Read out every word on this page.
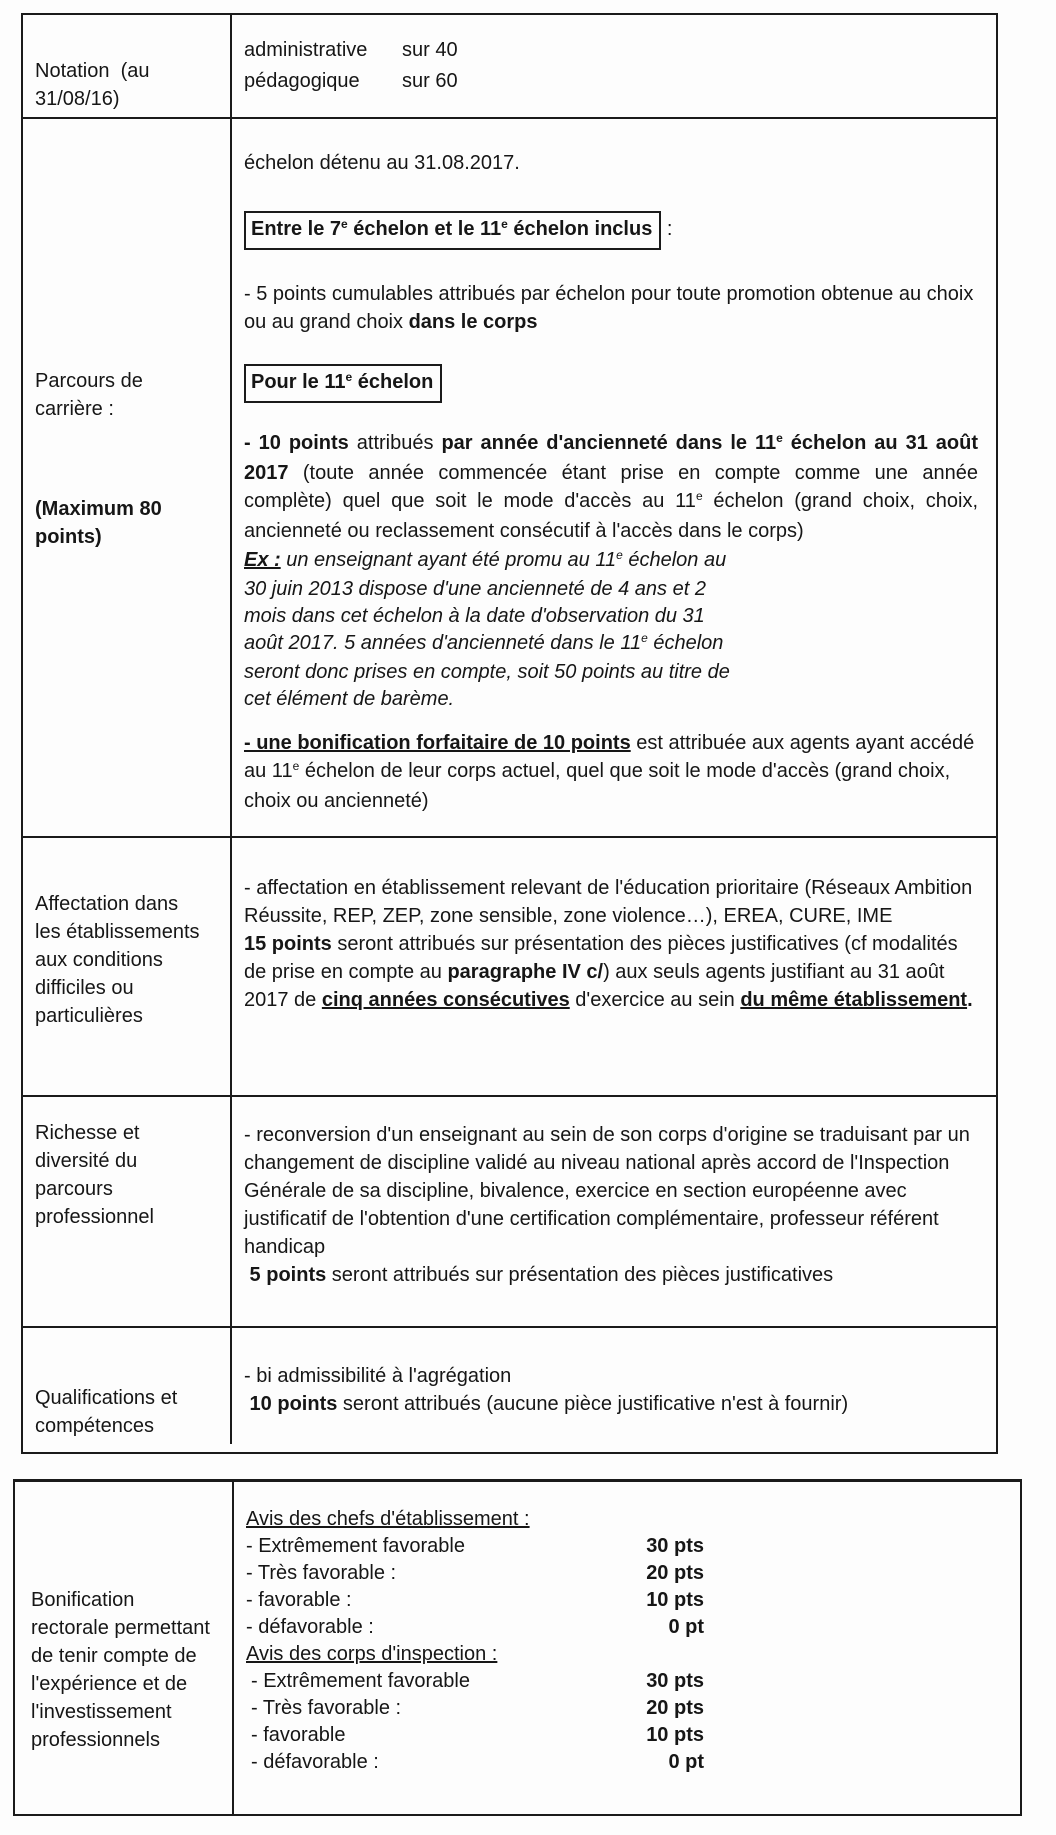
Notation  (au 31/08/16)
administrative	sur 40
pédagogique	sur 60
Parcours de carrière :
(Maximum 80 points)

échelon détenu au 31.08.2017.

Entre le 7e échelon et le 11e échelon inclus :

- 5 points cumulables attribués par échelon pour toute promotion obtenue au choix ou au grand choix dans le corps

Pour le 11e échelon

- 10 points attribués par année d'ancienneté dans le 11e échelon au 31 août 2017 (toute année commencée étant prise en compte comme une année complète) quel que soit le mode d'accès au 11e échelon (grand choix, choix, ancienneté ou reclassement consécutif à l'accès dans le corps)

Ex : un enseignant ayant été promu au 11e échelon au
30 juin 2013 dispose d'une ancienneté de 4 ans et 2
mois dans cet échelon à la date d'observation du 31
août 2017. 5 années d'ancienneté dans le 11e échelon
seront donc prises en compte, soit 50 points au titre de
cet élément de barème.

- une bonification forfaitaire de 10 points est attribuée aux agents ayant accédé au 11e échelon de leur corps actuel, quel que soit le mode d'accès (grand choix, choix ou ancienneté)

Affectation dans les établissements aux conditions difficiles ou particulières

- affectation en établissement relevant de l'éducation prioritaire (Réseaux Ambition Réussite, REP, ZEP, zone sensible, zone violence…), EREA, CURE, IME
15 points seront attribués sur présentation des pièces justificatives (cf modalités de prise en compte au paragraphe IV c/) aux seuls agents justifiant au 31 août 2017 de cinq années consécutives d'exercice au sein du même établissement.

Richesse et diversité du parcours professionnel

- reconversion d'un enseignant au sein de son corps d'origine se traduisant par un changement de discipline validé au niveau national après accord de l'Inspection Générale de sa discipline, bivalence, exercice en section européenne avec justificatif de l'obtention d'une certification complémentaire, professeur référent handicap
5 points seront attribués sur présentation des pièces justificatives

Qualifications et compétences

- bi admissibilité à l'agrégation
10 points seront attribués (aucune pièce justificative n'est à fournir)

Bonification rectorale permettant de tenir compte de l'expérience et de l'investissement professionnels

Avis des chefs d'établissement :

- Extrêmement favorable	30 pts
- Très favorable :	20 pts
- favorable :	10 pts
- défavorable :	0 pt

Avis des corps d'inspection :

- Extrêmement favorable	30 pts
- Très favorable :	20 pts
- favorable	10 pts
- défavorable :	0 pt
